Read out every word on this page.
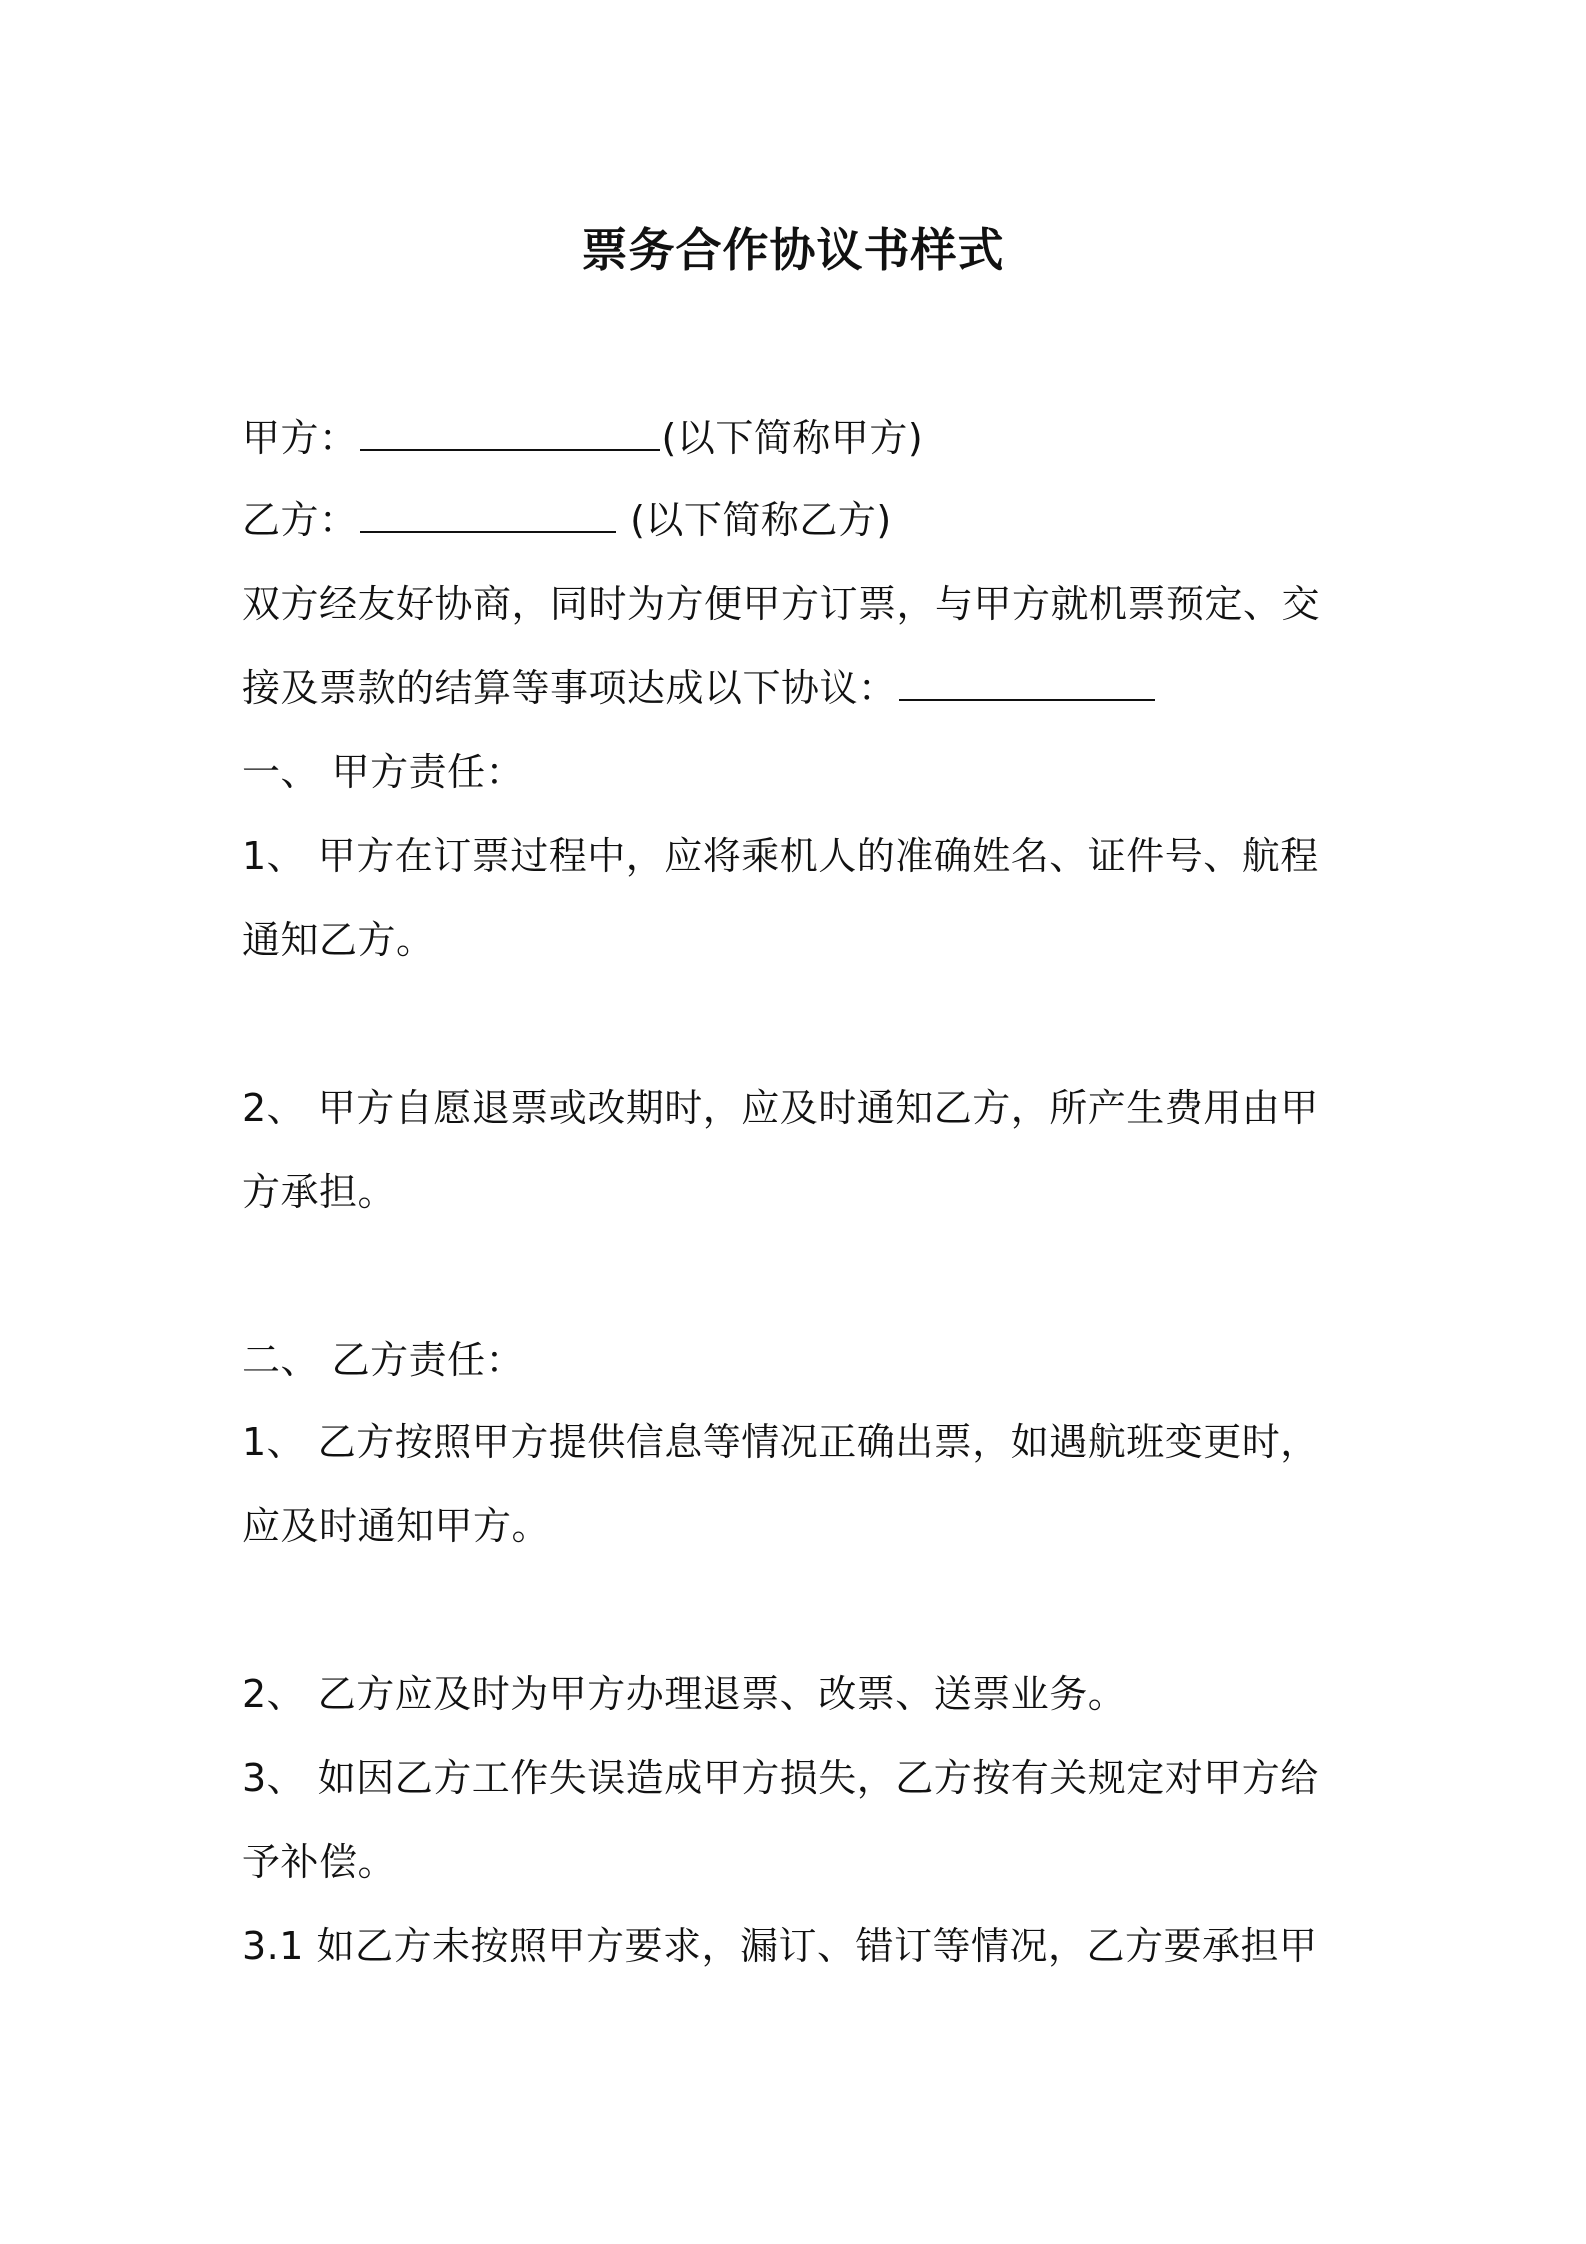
票务合作协议书样式
甲方：	(以下简称甲方)
乙方：	(以下简称乙方)
双方经友好协商，同时为方便甲方订票，与甲方就机票预定、交
接及票款的结算等事项达成以下协议：
一、 甲方责任：
1、 甲方在订票过程中，应将乘机人的准确姓名、证件号、航程
通知乙方。
2、 甲方自愿退票或改期时，应及时通知乙方，所产生费用由甲
方承担。
二、 乙方责任：
1、 乙方按照甲方提供信息等情况正确出票，如遇航班变更时，
应及时通知甲方。
2、 乙方应及时为甲方办理退票、改票、送票业务。
3、 如因乙方工作失误造成甲方损失，乙方按有关规定对甲方给
予补偿。
3.1 如乙方未按照甲方要求，漏订、错订等情况，乙方要承担甲
